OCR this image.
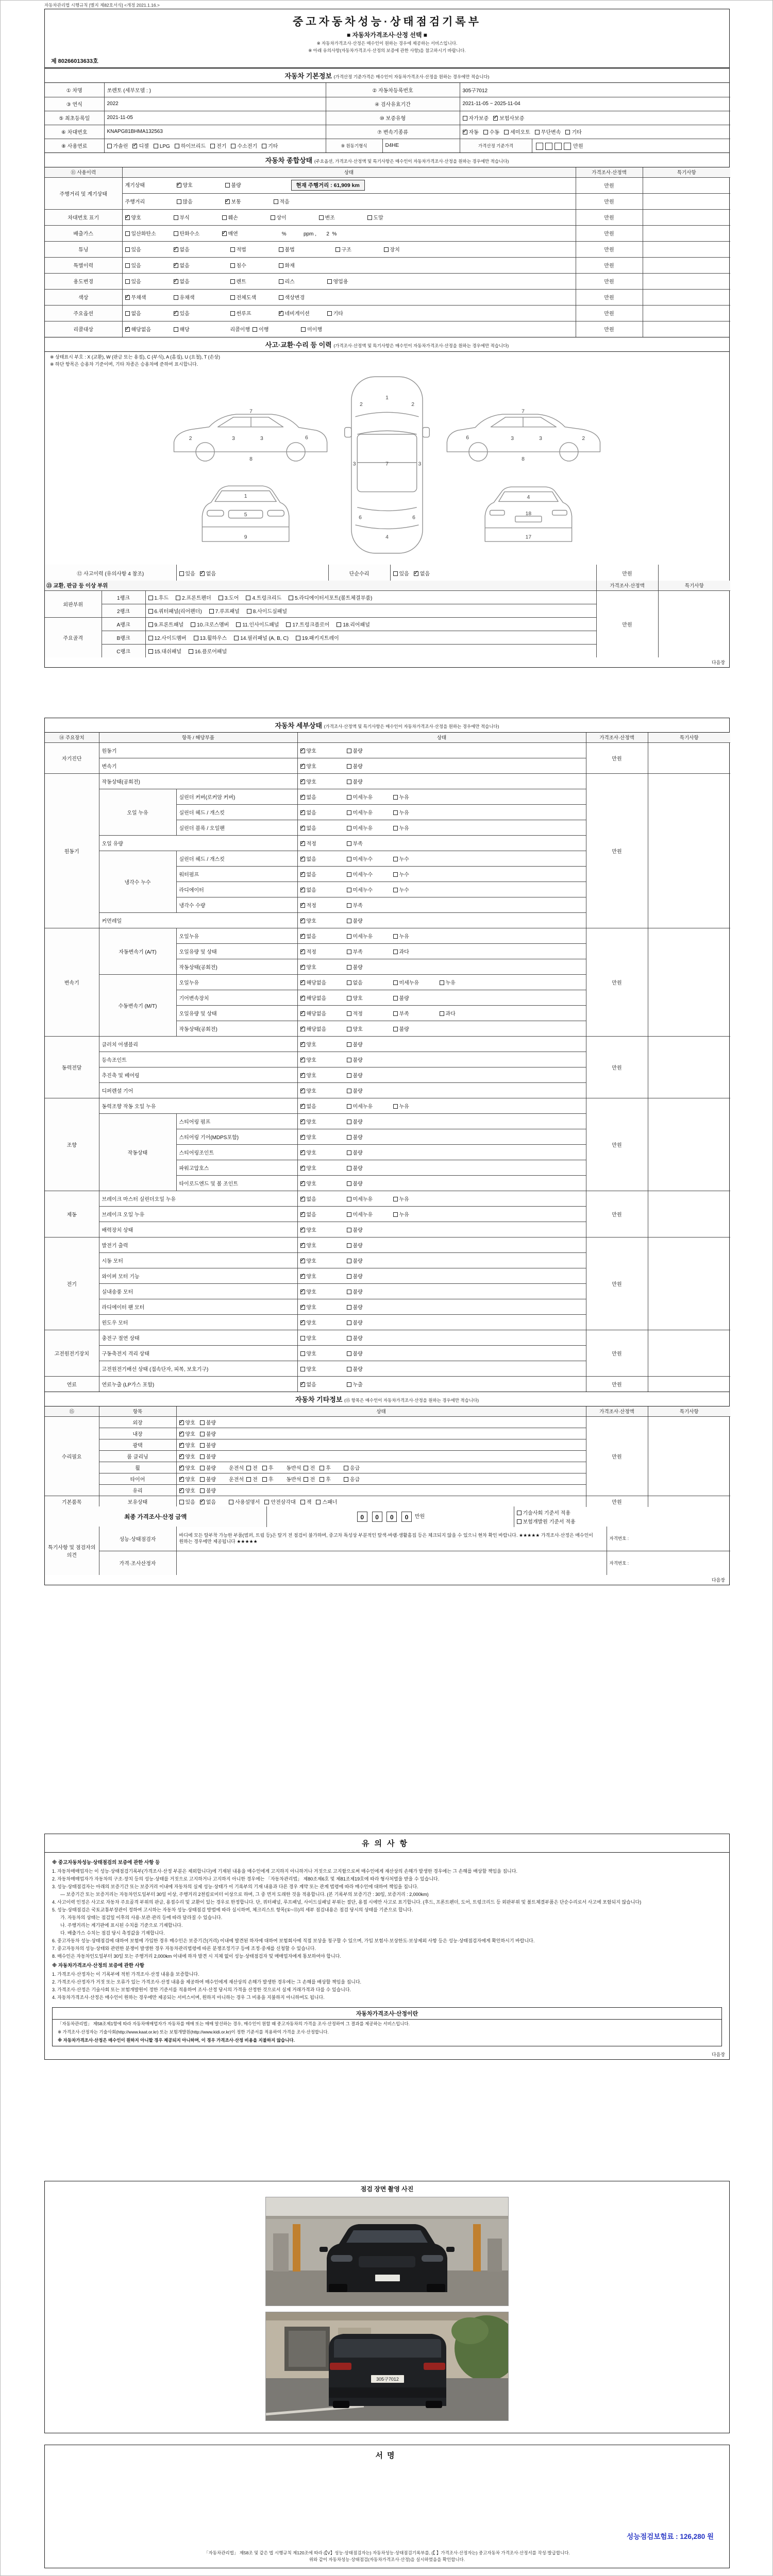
자동차관리법 시행규칙 [별지 제82호서식] <개정 2021.1.16.>
중고자동차성능·상태점검기록부
■ 자동차가격조사·산정 선택 ■
※ 자동차가격조사·산정은 매수인이 원하는 경우에 제공하는 서비스입니다.
※ 아래 유의사항(자동차가격조사·산정의 보증에 관한 사항)을 참고하시기 바랍니다.
제 80266013633호
자동차 기본정보 (가격산정 기준가격은 매수인이 자동차가격조사·산정을 원하는 경우에만 적습니다)
① 차명	쏘렌토 (세부모델 : )	② 자동차등록번호		305구7012	
③ 연식	2022	④ 검사유효기간		2021-11-05 ~ 2025-11-04	
⑤ 최초등록일	2021-11-05	⑩ 보증유형		자가보증 ✓ 보험사보증
⑥ 차대번호	KNAPG81BHMA132563	⑦ 변속기종류	✓자동 수동 세미오토 무단변속 기타
⑧ 사용연료	가솔린 ✓ 디젤 LPG 하이브리드 전기 수소전기 기타	⑨ 원동기형식	D4HE	가격산정 기준가격	만원
자동차 종합상태 (주요옵션, 가격조사·산정액 및 특기사항은 매수인이 자동차가격조사·산정을 원하는 경우에만 적습니다)
⑪ 사용이력	상태	가격조사·산정액	특기사항
주행거리 및 계기상태	계기상태 ✓ 양호 불량 현재 주행거리 : 61,909 km	만원	
	주행거리 많음 ✓ 보통 적음	만원	
차대번호 표기	✓양호 부식 훼손 상이 변조 도말	만원	
배출가스	일산화탄소 탄화수소 ✓ 매연 %            ppm ,       2  %	만원	
튜닝	있음 ✓ 없음 적법 불법 구조 장치	만원	
특별이력	있음 ✓ 없음 침수 화재	만원	
용도변경	있음 ✓ 없음 렌트 리스 영업용	만원	
색상	✓무채색 유채색 전체도색 색상변경	만원	
주요옵션	없음 ✓ 있음 썬루프 ✓ 네비게이션 기타	만원	
리콜대상	✓해당없음 해당 리콜이행 이행 미이행	만원	
사고·교환·수리 등 이력 (가격조사·산정액 및 특기사항은 매수인이 자동차가격조사·산정을 원하는 경우에만 적습니다)
※ 상태표시 부호 : X (교환), W (판금 또는 용접), C (부식), A (흠집), U (요철), T (손상)
※ 하단 항목은 승용차 기준이며, 기타 차종은 승용차에 준하여 표시합니다.
1
7
4
2	2
3	3
6	6
2	3	3	6
7
8
2
3
3
6
7
8
1
5
9
4
18
17
⑫ 사고이력 (유의사항 4 참조)	있음 ✓ 없음	단순수리	있음 ✓ 없음	만원	
⑬ 교환, 판금 등 이상 부위			가격조사·산정액	특기사항
외판부위	1랭크	1.후드 2.프론트펜더 3.도어 4.트렁크리드 5.라디에이터서포트(볼트체결부품)	만원	
	2랭크	6.쿼터패널(리어펜더) 7.루프패널 8.사이드실패널		
주요골격	A랭크	9.프론트패널 10.크로스멤버 11.인사이드패널 17.트렁크플로어 18.리어패널		
	B랭크	12.사이드멤버 13.휠하우스 14.필러패널 (A, B, C) 19.패키지트레이		
	C랭크	15.대쉬패널 16.플로어패널		
다음장
자동차 세부상태 (가격조사·산정액 및 특기사항은 매수인이 자동차가격조사·산정을 원하는 경우에만 적습니다)
⑭ 주요장치	항목 / 해당부품		상태	가격조사·산정액	특기사항
자기진단	원동기	✓양호 불량	만원	
	변속기	✓양호 불량
원동기	작동상태(공회전)	✓양호 불량	만원	
	오일 누유	실린더 커버(로커암 커버)	✓없음 미세누유 누유
		실린더 헤드 / 개스킷	✓없음 미세누유 누유
		실린더 블록 / 오일팬	✓없음 미세누유 누유
	오일 유량	✓적정 부족
	냉각수 누수	실린더 헤드 / 개스킷	✓없음 미세누수 누수
		워터펌프	✓없음 미세누수 누수
		라디에이터	✓없음 미세누수 누수
		냉각수 수량	✓적정 부족
	커먼레일	✓양호 불량
변속기	자동변속기 (A/T)	오일누유	✓없음 미세누유 누유	만원	
		오일유량 및 상태	✓적정 부족 과다
		작동상태(공회전)	✓양호 불량
	수동변속기 (M/T)	오일누유	✓해당없음 없음 미세누유 누유
		기어변속장치	✓해당없음 양호 불량
		오일유량 및 상태	✓해당없음 적정 부족 과다
		작동상태(공회전)	✓해당없음 양호 불량
동력전달	클러치 어셈블리	✓양호 불량	만원	
	등속조인트	✓양호 불량
	추진축 및 베어링	✓양호 불량
	디퍼렌셜 기어	✓양호 불량
조향	동력조향 작동 오일 누유	✓없음 미세누유 누유	만원	
	작동상태	스티어링 펌프	✓양호 불량
		스티어링 기어(MDPS포함)	✓양호 불량
		스티어링조인트	✓양호 불량
		파워고압호스	✓양호 불량
		타이로드엔드 및 볼 조인트	✓양호 불량
제동	브레이크 마스터 실린더오일 누유	✓없음 미세누유 누유	만원	
	브레이크 오일 누유	✓없음 미세누유 누유
	배력장치 상태	✓양호 불량
전기	발전기 출력	✓양호 불량	만원	
	시동 모터	✓양호 불량
	와이퍼 모터 기능	✓양호 불량
	실내송풍 모터	✓양호 불량
	라디에이터 팬 모터	✓양호 불량
	윈도우 모터	✓양호 불량
고전원전기장치	충전구 절연 상태		양호 불량	만원	
	구동축전지 격리 상태		양호 불량		
	고전원전기배선 상태 (접속단자, 피복, 보호기구)		양호 불량		
연료	연료누출 (LP가스 포함)	✓없음 누출	만원	
자동차 기타정보 (⑮ 항목은 매수인이 자동차가격조사·산정을 원하는 경우에만 적습니다)
⑮	항목	상태	가격조사·산정액	특기사항
수리필요	외장	✓양호 불량	만원	
	내장	✓양호 불량
	광택	✓양호 불량
	룸 클리닝	✓양호 불량
	휠	✓양호 불량 운전석 전 후 동반석 전 후 응급
	타이어	✓양호 불량 운전석 전 후 동반석 전 후 응급
	유리	✓양호 불량
기본품목	보유상태	있음 ✓ 없음 사용설명서 안전삼각대 잭 스패너	만원	
최종 가격조사·산정 금액	0 0 0 0 만원	
기술사회 기준서 적용
보험개발원 기준서 적용
특기사항 및 점검자의 의견	성능·상태점검자	바디에 모든 탈부착 가능한 부품(범퍼, 트림 등)은 탈거 전 점검이 불가하며, 중고차 특성상 부분적인 탈색·바램·생활흠집 등은 체크되지 않을 수 있으니 현차 확인 바랍니다. ★★★★★ 가격조사·산정은 매수인이 원하는 경우에만 제공됩니다 ★★★★★	자격번호 :
	가격·조사산정자		자격번호 :
다음장
유의사항
※ 중고자동차성능·상태점검의 보증에 관한 사항 등
1. 자동차매매업자는 이 성능·상태점검기록부(가격조사·산정 부분은 제외합니다)에 기재된 내용을 매수인에게 고지하지 아니하거나 거짓으로 고지함으로써 매수인에게 재산상의 손해가 발생한 경우에는 그 손해를 배상할 책임을 집니다.
2. 자동차매매업자가 자동차의 구조·장치 등의 성능·상태를 거짓으로 고지하거나 고지하지 아니한 경우에는 「자동차관리법」 제80조제6호 및 제81조제19호에 따라 형사처벌을 받을 수 있습니다.
3. 성능·상태점검자는 아래의 보증기간 또는 보증거리 이내에 자동차의 실제 성능·상태가 이 기록부의 기재 내용과 다른 경우 계약 또는 관계 법령에 따라 매수인에 대하여 책임을 집니다.
― 보증기간 또는 보증거리는 자동차인도일부터 30일 이상, 주행거리 2천킬로미터 이상으로 하며, 그 중 먼저 도래한 것을 적용합니다. (본 기록부의 보증기간 : 30일, 보증거리 : 2,000km)
4. 사고이력 인정은 사고로 자동차 주요골격 부위의 판금, 용접수리 및 교환이 있는 경우로 한정합니다. 단, 쿼터패널, 루프패널, 사이드실패널 부위는 절단, 용접 시에만 사고로 표기합니다. (후드, 프론트펜더, 도어, 트렁크리드 등 외판부위 및 볼트체결부품은 단순수리로서 사고에 포함되지 않습니다)
5. 성능·상태점검은 국토교통부장관이 정하여 고시하는 자동차 성능·상태점검 방법에 따라 실시하며, 체크리스트 항목(①~⑮)의 세부 점검내용은 점검 당시의 상태를 기준으로 합니다.
가. 자동차의 상태는 점검일 이후의 사용·보관·관리 등에 따라 달라질 수 있습니다.
나. 주행거리는 계기판에 표시된 수치를 기준으로 기재합니다.
다. 배출가스 수치는 점검 당시 측정값을 기재합니다.
6. 중고자동차 성능·상태점검에 대하여 보험에 가입한 경우 매수인은 보증기간(거리) 이내에 발견된 하자에 대하여 보험회사에 직접 보상을 청구할 수 있으며, 가입 보험사·보상한도·보상제외 사항 등은 성능·상태점검자에게 확인하시기 바랍니다.
7. 중고자동차의 성능·상태와 관련한 분쟁이 발생한 경우 자동차관리법령에 따른 분쟁조정기구 등에 조정·중재를 신청할 수 있습니다.
8. 매수인은 자동차인도일부터 30일 또는 주행거리 2,000km 이내에 하자 발견 시 지체 없이 성능·상태점검자 및 매매업자에게 통보하여야 합니다.
※ 자동차가격조사·산정의 보증에 관한 사항
1. 가격조사·산정자는 이 기록부에 적힌 가격조사·산정 내용을 보증합니다.
2. 가격조사·산정자가 거짓 또는 오류가 있는 가격조사·산정 내용을 제공하여 매수인에게 재산상의 손해가 발생한 경우에는 그 손해를 배상할 책임을 집니다.
3. 가격조사·산정은 기술사회 또는 보험개발원이 정한 기준서를 적용하여 조사·산정 당시의 가격을 산정한 것으로서 실제 거래가격과 다를 수 있습니다.
4. 자동차가격조사·산정은 매수인이 원하는 경우에만 제공되는 서비스이며, 원하지 아니하는 경우 그 비용을 지불하지 아니하여도 됩니다.
자동차가격조사·산정이란
「자동차관리법」 제58조제1항에 따라 자동차매매업자가 자동차를 매매 또는 매매 알선하는 경우, 매수인이 원할 때 중고자동차의 가격을 조사·산정하여 그 결과를 제공하는 서비스입니다.
※ 가격조사·산정자는 기술사회(http://www.kaat.or.kr) 또는 보험개발원(http://www.kidi.or.kr)이 정한 기준서를 적용하여 가격을 조사·산정합니다.
※ 자동차가격조사·산정은 매수인이 원하지 아니할 경우 제공되지 아니하며, 이 경우 가격조사·산정 비용을 지불하지 않습니다.
다음장
점검 장면 촬영 사진
305구7012
서명
성능점검보험료 : 126,280 원
「자동차관리법」 제58조 및 같은 법 시행규칙 제120조에 따라 (【V】성능·상태점검자는) 자동차성능·상태점검기록부를, (【 】가격조사·산정자는) 중고자동차 가격조사·산정서를 작성·발급합니다.
위와 같이 자동차성능·상태점검(자동차가격조사·산정)을 실시하였음을 확인합니다.
